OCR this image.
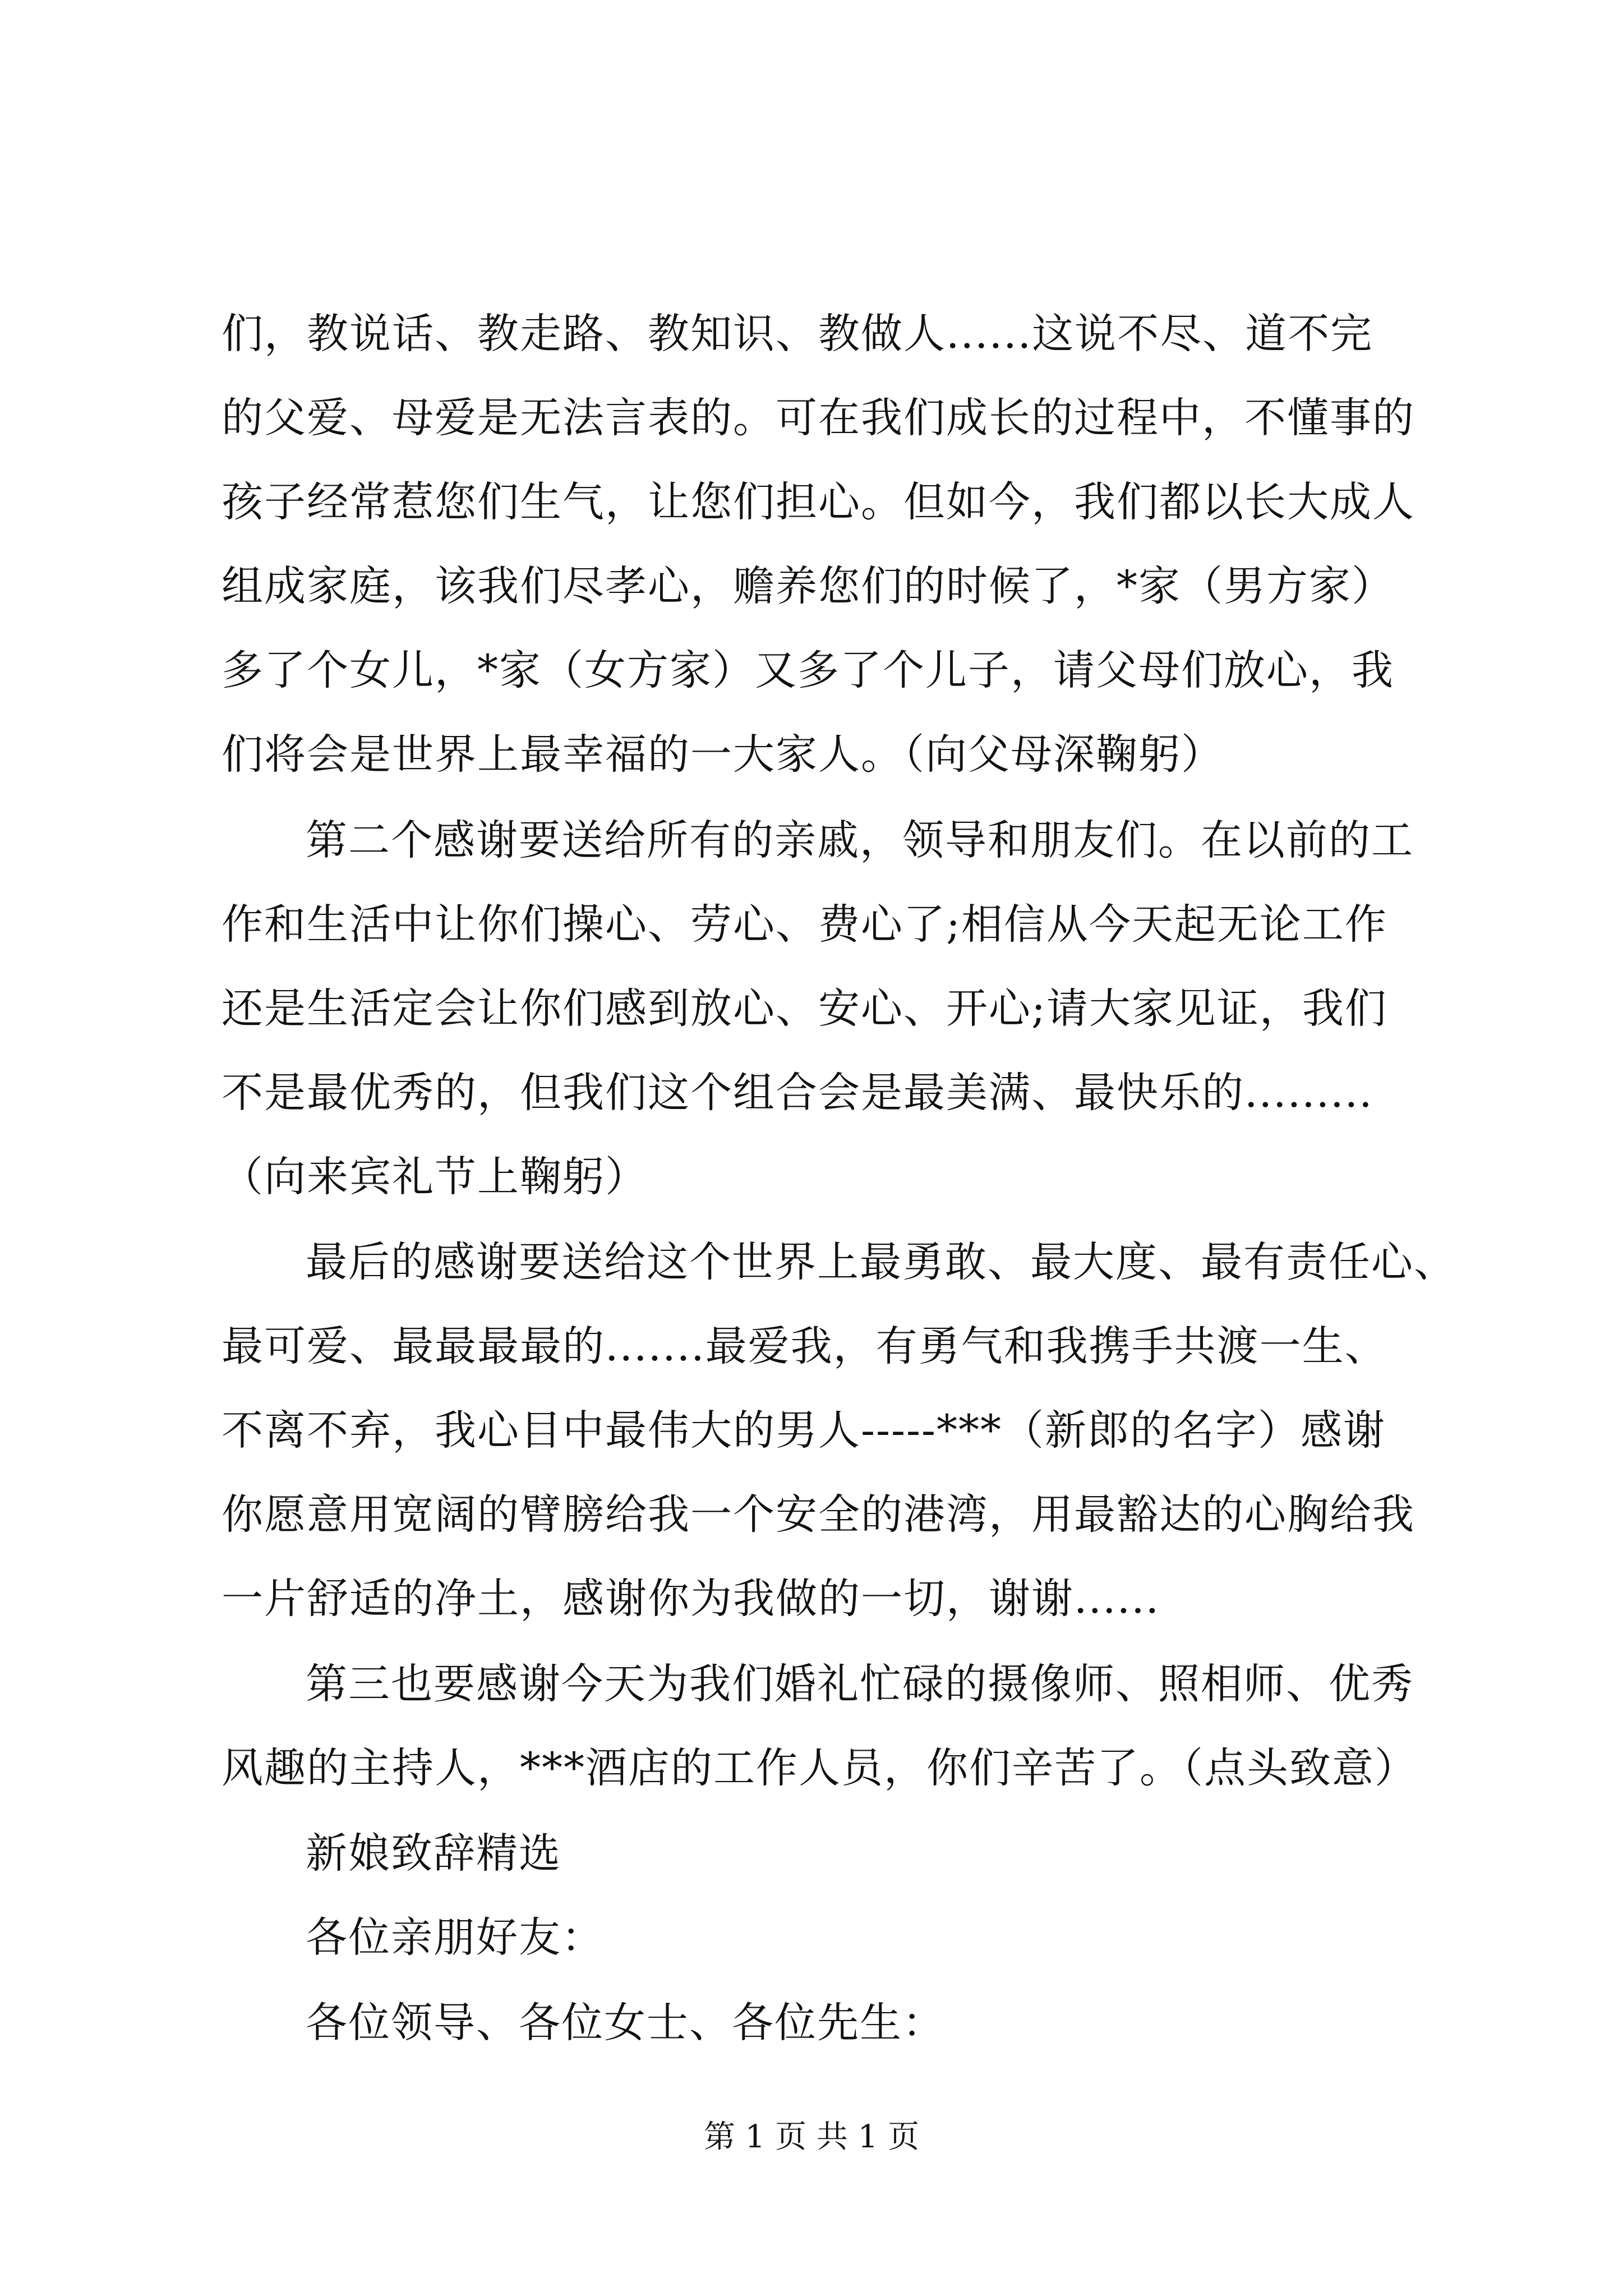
们，教说话、教走路、教知识、教做人......这说不尽、道不完
的父爱、母爱是无法言表的。可在我们成长的过程中，不懂事的
孩子经常惹您们生气，让您们担心。但如今，我们都以长大成人
组成家庭，该我们尽孝心，赡养您们的时候了，*家（男方家）
多了个女儿，*家（女方家）又多了个儿子，请父母们放心，我
们将会是世界上最幸福的一大家人。（向父母深鞠躬）
第二个感谢要送给所有的亲戚，领导和朋友们。在以前的工
作和生活中让你们操心、劳心、费心了;相信从今天起无论工作
还是生活定会让你们感到放心、安心、开心;请大家见证，我们
不是最优秀的，但我们这个组合会是最美满、最快乐的.........
（向来宾礼节上鞠躬）
最后的感谢要送给这个世界上最勇敢、最大度、最有责任心、
最可爱、最最最最的.......最爱我，有勇气和我携手共渡一生、
不离不弃，我心目中最伟大的男人-----***（新郎的名字）感谢
你愿意用宽阔的臂膀给我一个安全的港湾，用最豁达的心胸给我
一片舒适的净土，感谢你为我做的一切，谢谢......
第三也要感谢今天为我们婚礼忙碌的摄像师、照相师、优秀
风趣的主持人，***酒店的工作人员，你们辛苦了。（点头致意）
新娘致辞精选
各位亲朋好友：
各位领导、各位女士、各位先生：
第 1 页 共 1 页
